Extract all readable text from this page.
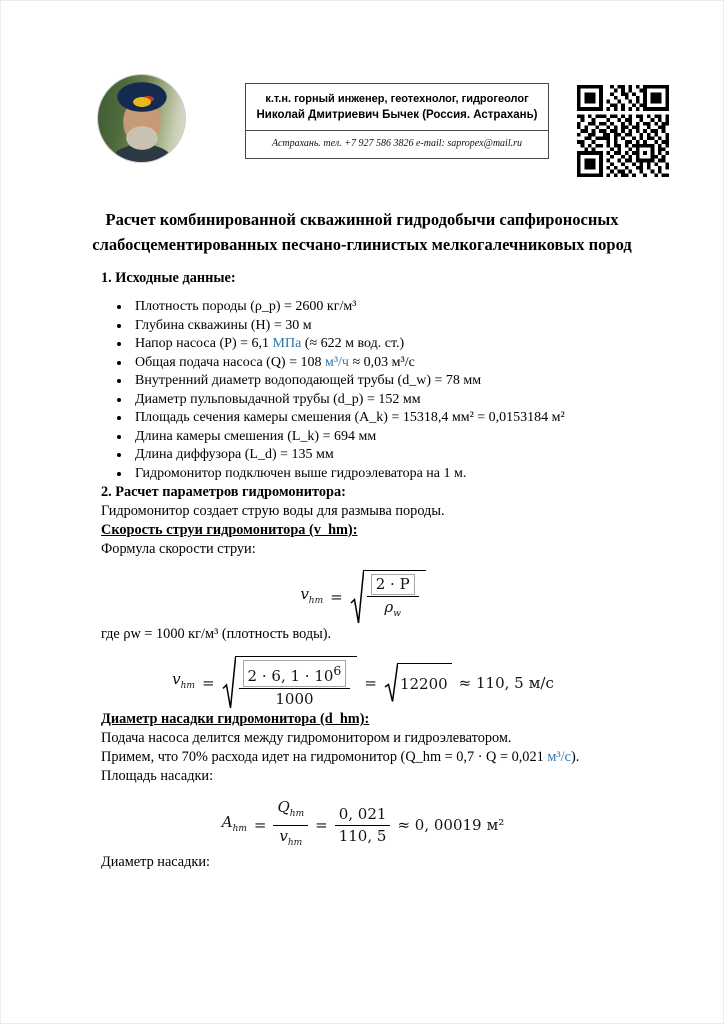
к.т.н. горный инженер, геотехнолог, гидрогеолог
Николай Дмитриевич Бычек (Россия. Астрахань)
Астрахань. тел. +7 927 586 3826 e-mail: sapropex@mail.ru
Расчет комбинированной скважинной гидродобычи сапфироносных
слабосцементированных песчано-глинистых мелкогалечниковых пород

1. Исходные данные:

• Плотность породы (ρ_p) = 2600 кг/м³
• Глубина скважины (H) = 30 м
• Напор насоса (P) = 6,1 МПа (≈ 622 м вод. ст.)
• Общая подача насоса (Q) = 108 м³/ч ≈ 0,03 м³/с
• Внутренний диаметр водоподающей трубы (d_w) = 78 мм
• Диаметр пульповыдачной трубы (d_p) = 152 мм
• Площадь сечения камеры смешения (A_k) = 15318,4 мм² = 0,0153184 м²
• Длина камеры смешения (L_k) = 694 мм
• Длина диффузора (L_d) = 135 мм
• Гидромонитор подключен выше гидроэлеватора на 1 м.

2. Расчет параметров гидромонитора:

Гидромонитор создает струю воды для размыва породы.

Скорость струи гидромонитора (v_hm):

Формула скорости струи:

$v_{hm} = \frac{2 \cdot P}{\rho_w}$

где ρw = 1000 кг/м³ (плотность воды).

$v_{hm} = \frac{2 \cdot 6, 1 \cdot 10^6}{1000} = 12200 \approx 110$, 5 м/с

Диаметр насадки гидромонитора (d_hm):

Подача насоса делится между гидромонитором и гидроэлеватором.

Примем, что 70% расхода идет на гидромонитор (Q_hm = 0,7 · Q = 0,021 м³/с).

Площадь насадки:

$A_{hm} = \frac{Q_{hm}}{v_{hm}} = \frac{0, 021}{110, 5} \approx 0$, 00019 м²

Диаметр насадки:
